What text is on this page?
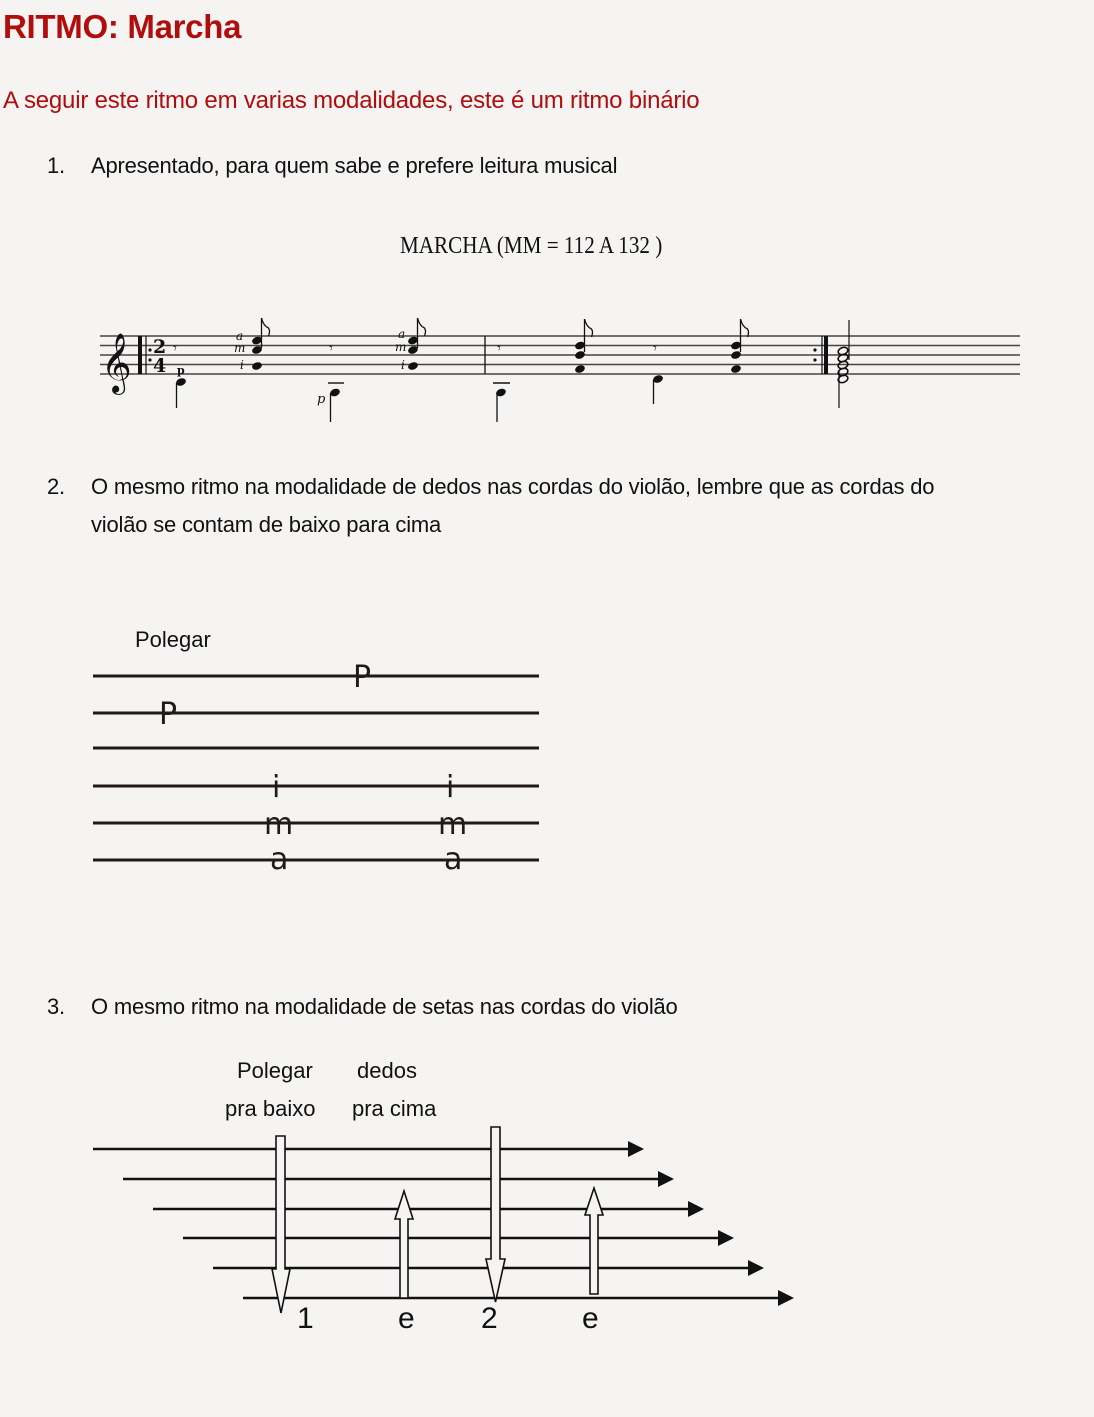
RITMO: Marcha
A seguir este ritmo em varias modalidades, este é um ritmo binário
1. Apresentado, para quem sabe e prefere leitura musical
MARCHA (MM = 112 A 132 )
𝄞 2
4
𝄾
p
a
m
i
𝄾
p
a
m
i
𝄾	𝄾
2. O mesmo ritmo na modalidade de dedos nas cordas do violão, lembre que as cordas do
violão se contam de baixo para cima
Polegar
P
i
m
a
P
i
m
a
3. O mesmo ritmo na modalidade de setas nas cordas do violão
Polegar dedos
pra baixo pra cima
1	e 2	e
